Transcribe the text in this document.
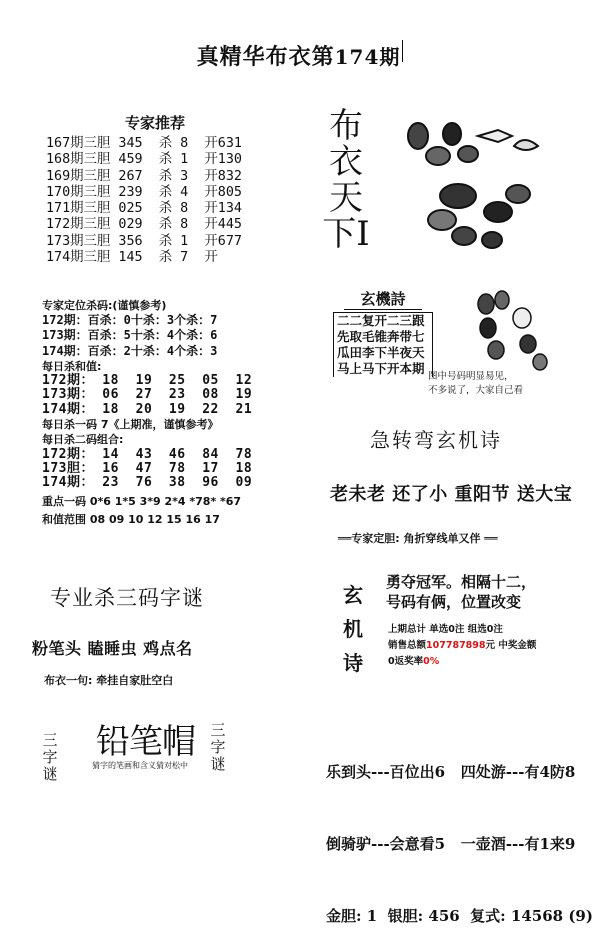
真精华布衣第174期
专家推荐
167期三胆 345  杀 8  开631
168期三胆 459  杀 1  开130
169期三胆 267  杀 3  开832
170期三胆 239  杀 4  开805
171期三胆 025  杀 8  开134
172期三胆 029  杀 8  开445
173期三胆 356  杀 1  开677
174期三胆 145  杀 7  开
布衣天下Ⅰ
玄機詩
二二复开二三跟
先取毛锥奔带七
瓜田李下半夜天
马上马下开本期
图中号码明显易见，
不多说了，大家自己看
专家定位杀码:(谨慎参考)
172期：百杀：0十杀：3个杀：7
173期：百杀：5十杀：4个杀：6
174期：百杀：2十杀：4个杀：3
每日杀和值:
172期： 18  19  25  05  12
173期： 06  27  23  08  19
174期： 18  20  19  22  21
每日杀一码 7《上期准，谨慎参考》
每日杀二码组合:
172期： 14  43  46  84  78
173胆： 16  47  78  17  18
174期： 23  76  38  96  09
重点一码 0*6 1*5 3*9 2*4 *78* *67
和值范围 08 09 10 12 15 16 17
急转弯玄机诗
老未老 还了小 重阳节 送大宝
══专家定胆: 角折穿线单又伴 ══
玄机诗
勇夺冠军。相隔十二，
号码有俩，位置改变
上期总计 单选0注 组选0注
销售总额107787898元 中奖金额
0返奖率0%
专业杀三码字谜
粉笔头 瞌睡虫 鸡点名
布衣一句: 牵挂自家肚空白
三字谜
铅笔帽
猜字的笔画和含义猜对松中
三字谜

	乐到头---百位出6   四处游---有4防8

倒骑驴---会意看5   一壶酒---有1来9

金胆: 1  银胆: 456  复式: 14568 (9)
